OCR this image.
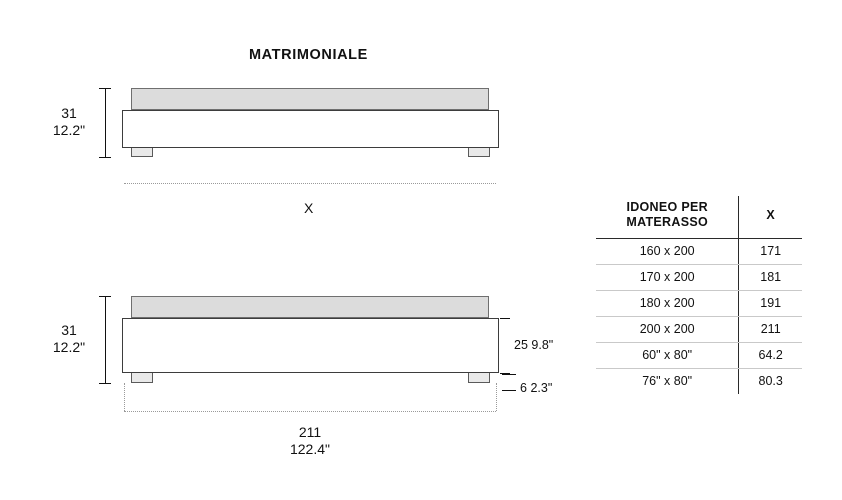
MATRIMONIALE
31
12.2"
X
31
12.2"	25 9.8"
6 2.3"
211
122.4"
IDONEO PER
MATERASSO	X
160 x 200	171
170 x 200	181
180 x 200	191
200 x 200	211
60" x 80"	64.2
76" x 80"	80.3
